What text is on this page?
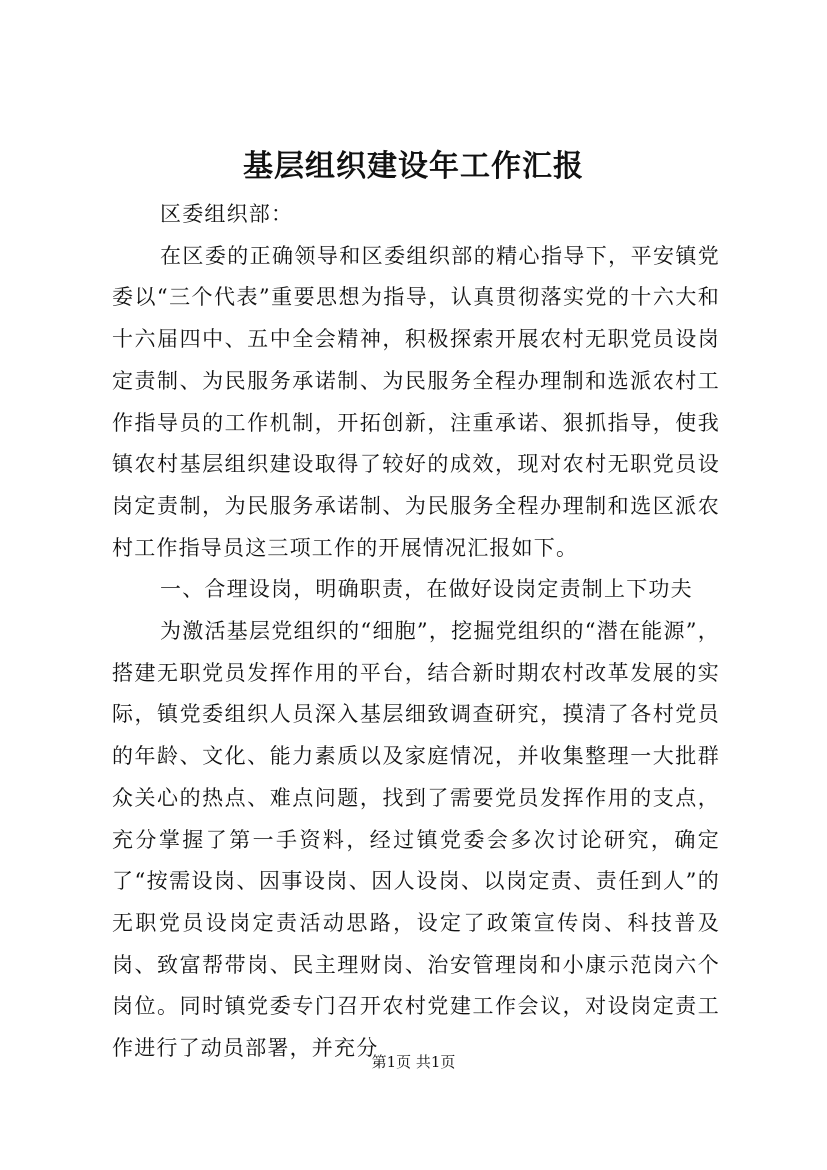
基层组织建设年工作汇报

区委组织部：

在区委的正确领导和区委组织部的精心指导下，平安镇党委以“三个代表”重要思想为指导，认真贯彻落实党的十六大和十六届四中、五中全会精神，积极探索开展农村无职党员设岗定责制、为民服务承诺制、为民服务全程办理制和选派农村工作指导员的工作机制，开拓创新，注重承诺、狠抓指导，使我镇农村基层组织建设取得了较好的成效，现对农村无职党员设岗定责制，为民服务承诺制、为民服务全程办理制和选区派农村工作指导员这三项工作的开展情况汇报如下。

一、合理设岗，明确职责，在做好设岗定责制上下功夫

为激活基层党组织的“细胞”，挖掘党组织的“潜在能源”，搭建无职党员发挥作用的平台，结合新时期农村改革发展的实际，镇党委组织人员深入基层细致调查研究，摸清了各村党员的年龄、文化、能力素质以及家庭情况，并收集整理一大批群众关心的热点、难点问题，找到了需要党员发挥作用的支点，充分掌握了第一手资料，经过镇党委会多次讨论研究，确定了“按需设岗、因事设岗、因人设岗、以岗定责、责任到人”的无职党员设岗定责活动思路，设定了政策宣传岗、科技普及岗、致富帮带岗、民主理财岗、治安管理岗和小康示范岗六个岗位。同时镇党委专门召开农村党建工作会议，对设岗定责工作进行了动员部署，并充分

第1页 共1页
